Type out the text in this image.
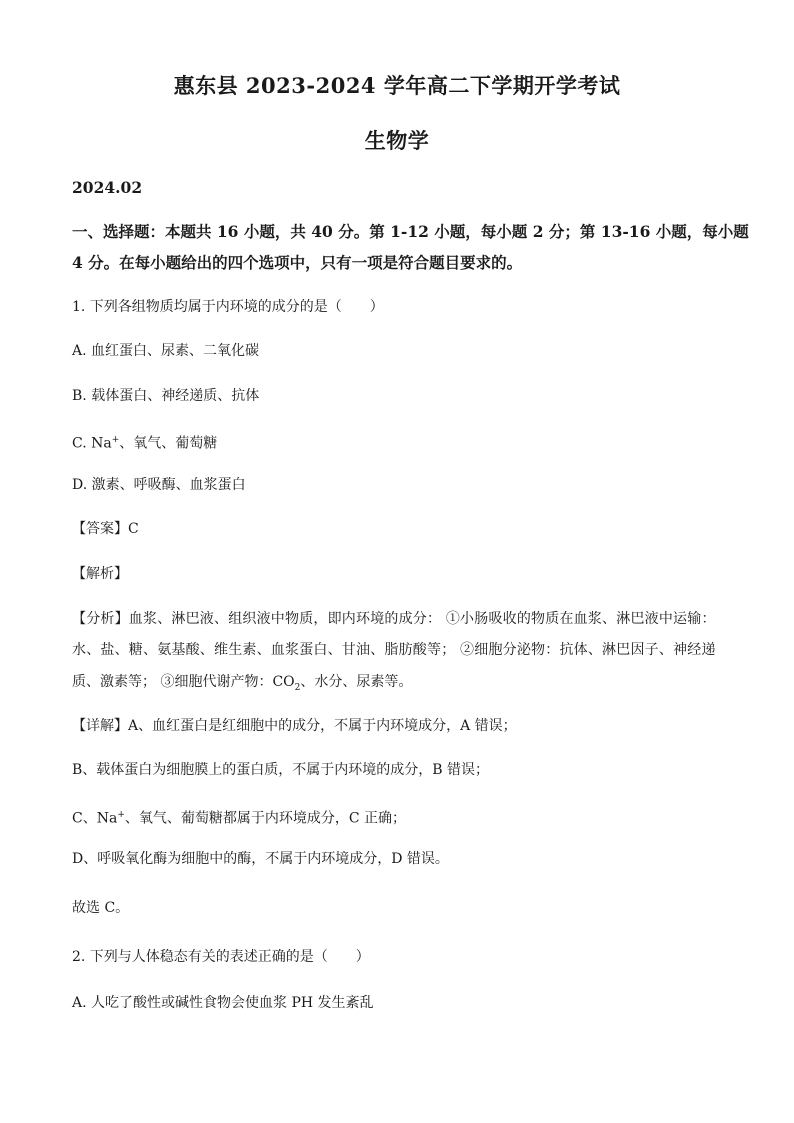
惠东县 2023-2024 学年高二下学期开学考试
生物学
2024.02
一、选择题：本题共 16 小题，共 40 分。第 1-12 小题，每小题 2 分；第 13-16 小题，每小题
4 分。在每小题给出的四个选项中，只有一项是符合题目要求的。
1. 下列各组物质均属于内环境的成分的是（　　）
A. 血红蛋白、尿素、二氧化碳
B. 载体蛋白、神经递质、抗体
C. Na+、氧气、葡萄糖
D. 激素、呼吸酶、血浆蛋白
【答案】C
【解析】
【分析】血浆、淋巴液、组织液中物质，即内环境的成分： ①小肠吸收的物质在血浆、淋巴液中运输：
水、盐、糖、氨基酸、维生素、血浆蛋白、甘油、脂肪酸等； ②细胞分泌物：抗体、淋巴因子、神经递
质、激素等； ③细胞代谢产物：$CO_2$、水分、尿素等。
【详解】A、血红蛋白是红细胞中的成分，不属于内环境成分，A 错误；
B、载体蛋白为细胞膜上的蛋白质，不属于内环境的成分，B 错误；
C、Na+、氧气、葡萄糖都属于内环境成分，C 正确；
D、呼吸氧化酶为细胞中的酶，不属于内环境成分，D 错误。
故选 C。
2. 下列与人体稳态有关的表述正确的是（　　）
A. 人吃了酸性或碱性食物会使血浆 PH 发生紊乱
